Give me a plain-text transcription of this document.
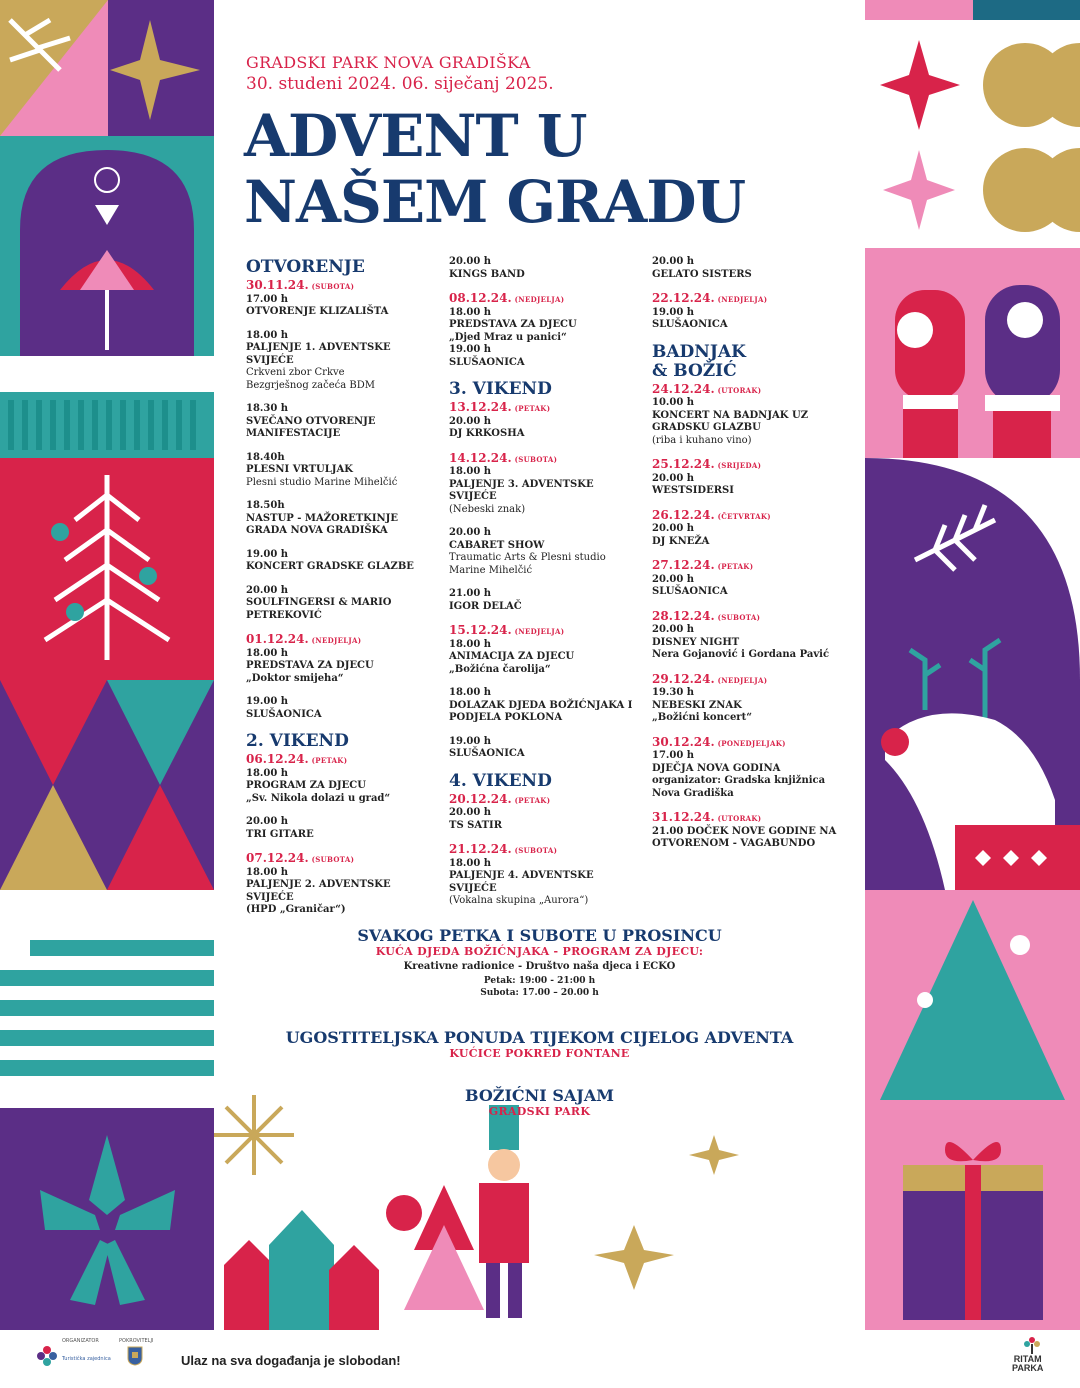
GRADSKI PARK NOVA GRADIŠKA
30. studeni 2024. 06. siječanj 2025.
ADVENT U
NAŠEM GRADU
OTVORENJE
30.11.24. (SUBOTA)
17.00 h
OTVORENJE KLIZALIŠTA
18.00 h
PALJENJE 1. ADVENTSKE SVIJEĆE
Crkveni zbor Crkve
Bezgrješnog začeća BDM
18.30 h
SVEČANO OTVORENJE
MANIFESTACIJE
18.40h
PLESNI VRTULJAK
Plesni studio Marine Mihelčić
18.50h
NASTUP - MAŽORETKINJE
GRADA NOVA GRADIŠKA
19.00 h
KONCERT GRADSKE GLAZBE
20.00 h
SOULFINGERSI & MARIO
PETREKOVIĆ
01.12.24. (NEDJELJA)
18.00 h
PREDSTAVA ZA DJECU
„Doktor smijeha“
19.00 h
SLUŠAONICA
2. VIKEND
06.12.24. (PETAK)
18.00 h
PROGRAM ZA DJECU
„Sv. Nikola dolazi u grad“
20.00 h
TRI GITARE
07.12.24. (SUBOTA)
18.00 h
PALJENJE 2. ADVENTSKE SVIJEĆE
(HPD „Graničar“)
20.00 h
KINGS BAND
08.12.24. (NEDJELJA)
18.00 h
PREDSTAVA ZA DJECU
„Djed Mraz u panici“
19.00 h
SLUŠAONICA
3. VIKEND
13.12.24. (PETAK)
20.00 h
DJ KRKOSHA
14.12.24. (SUBOTA)
18.00 h
PALJENJE 3. ADVENTSKE SVIJEĆE
(Nebeski znak)
20.00 h
CABARET SHOW
Traumatic Arts & Plesni studio
Marine Mihelčić
21.00 h
IGOR DELAČ
15.12.24. (NEDJELJA)
18.00 h
ANIMACIJA ZA DJECU
„Božićna čarolija“
18.00 h
DOLAZAK DJEDA BOŽIĆNJAKA I
PODJELA POKLONA
19.00 h
SLUŠAONICA
4. VIKEND
20.12.24. (PETAK)
20.00 h
TS SATIR
21.12.24. (SUBOTA)
18.00 h
PALJENJE 4. ADVENTSKE SVIJEĆE
(Vokalna skupina „Aurora“)
20.00 h
GELATO SISTERS
22.12.24. (NEDJELJA)
19.00 h
SLUŠAONICA
BADNJAK
& BOŽIĆ
24.12.24. (UTORAK)
10.00 h
KONCERT NA BADNJAK UZ
GRADSKU GLAZBU
(riba i kuhano vino)
25.12.24. (SRIJEDA)
20.00 h
WESTSIDERSI
26.12.24. (ČETVRTAK)
20.00 h
DJ KNEŽA
27.12.24. (PETAK)
20.00 h
SLUŠAONICA
28.12.24. (SUBOTA)
20.00 h
DISNEY NIGHT
Nera Gojanović i Gordana Pavić
29.12.24. (NEDJELJA)
19.30 h
NEBESKI ZNAK
„Božićni koncert“
30.12.24. (PONEDJELJAK)
17.00 h
DJEČJA NOVA GODINA
organizator: Gradska knjižnica
Nova Gradiška
31.12.24. (UTORAK)
21.00 DOČEK NOVE GODINE NA
OTVORENOM - VAGABUNDO
SVAKOG PETKA I SUBOTE U PROSINCU
KUĆA DJEDA BOŽIĆNJAKA - PROGRAM ZA DJECU:
Kreativne radionice - Društvo naša djeca i ECKO
Petak: 19:00 - 21:00 h
Subota: 17.00 – 20.00 h
UGOSTITELJSKA PONUDA TIJEKOM CIJELOG ADVENTA
KUĆICE POKRED FONTANE
BOŽIĆNI SAJAM
GRADSKI PARK
ORGANIZATOR	POKROVITELJI
Turistička zajednica	Ulaz na sva događanja je slobodan!	RITAM
PARKA
